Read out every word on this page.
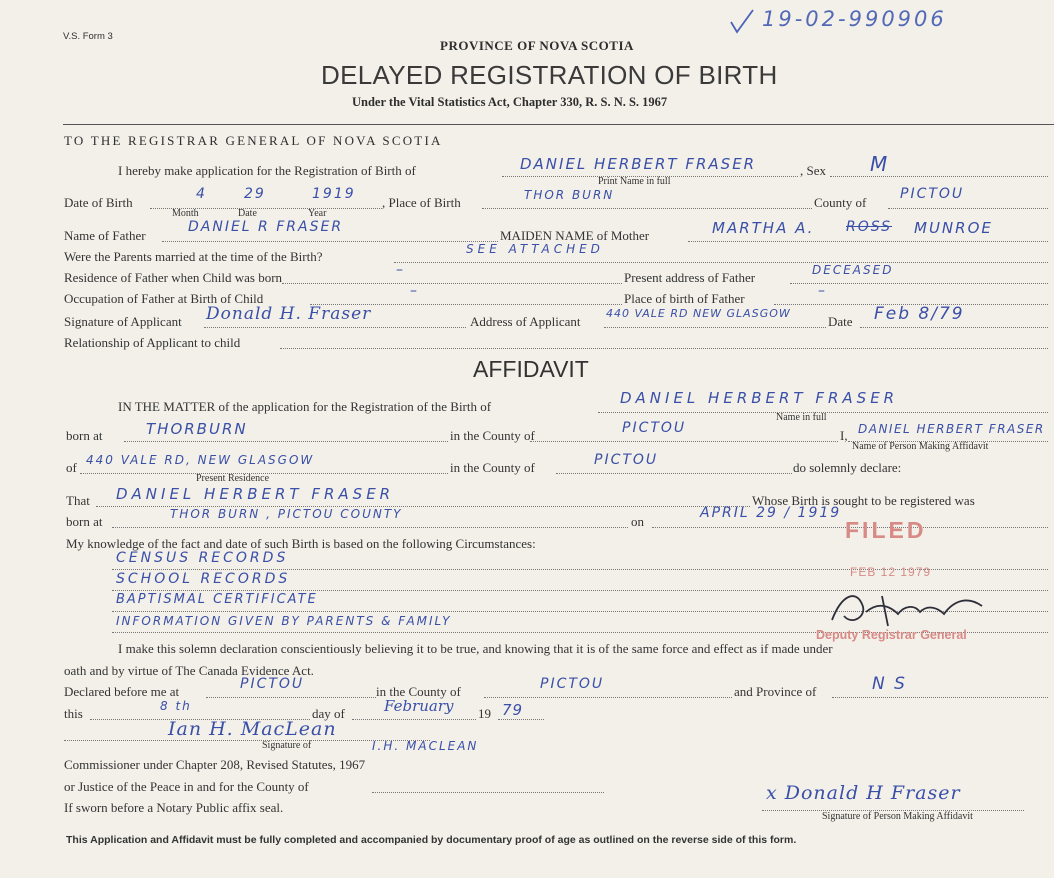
19-02-990906
V.S. Form 3
PROVINCE OF NOVA SCOTIA
DELAYED REGISTRATION OF BIRTH
Under the Vital Statistics Act, Chapter 330, R. S. N. S. 1967
TO THE REGISTRAR GENERAL OF NOVA SCOTIA
I hereby make application for the Registration of Birth of	DANIEL HERBERT FRASER
Print Name in full
, Sex M
Date of Birth
4	29	1919
Month	Date	Year
, Place of Birth	THOR BURN	County of
PICTOU
Name of Father
DANIEL R FRASER
MAIDEN NAME of Mother	MARTHA A. ROSS MUNROE
Were the Parents married at the time of the Birth?	SEE ATTACHED
Residence of Father when Child was born	–	Present address of Father	DECEASED
Occupation of Father at Birth of Child	–	Place of birth of Father	–
Signature of Applicant Donald H. Fraser	Address of Applicant
440 VALE RD NEW GLASGOW
Date Feb 8/79
Relationship of Applicant to child
AFFIDAVIT
IN THE MATTER of the application for the Registration of the Birth of	DANIEL HERBERT FRASER
Name in full
born at	THORBURN	in the County of	PICTOU	I, DANIEL HERBERT FRASER
Name of Person Making Affidavit
of 440 VALE RD, NEW GLASGOW
Present Residence
in the County of	PICTOU	do solemnly declare:
That DANIEL HERBERT FRASER	Whose Birth is sought to be registered was
born at	THOR BURN , PICTOU COUNTY	on
APRIL 29 / 1919
My knowledge of the fact and date of such Birth is based on the following Circumstances:
CENSUS RECORDS
SCHOOL RECORDS
BAPTISMAL CERTIFICATE
INFORMATION GIVEN BY PARENTS & FAMILY
FILED
FEB 12 1979
Deputy Registrar General
I make this solemn declaration conscientiously believing it to be true, and knowing that it is of the same force and effect as if made under
oath and by virtue of The Canada Evidence Act.
Declared before me at	PICTOU	in the County of	PICTOU	and Province of	N S
this	8 th	day of	February 19 79
Ian H. MacLean
Signature of	I.H. MACLEAN
Commissioner under Chapter 208, Revised Statutes, 1967
or Justice of the Peace in and for the County of
If sworn before a Notary Public affix seal.
x Donald H Fraser
Signature of Person Making Affidavit
This Application and Affidavit must be fully completed and accompanied by documentary proof of age as outlined on the reverse side of this form.
